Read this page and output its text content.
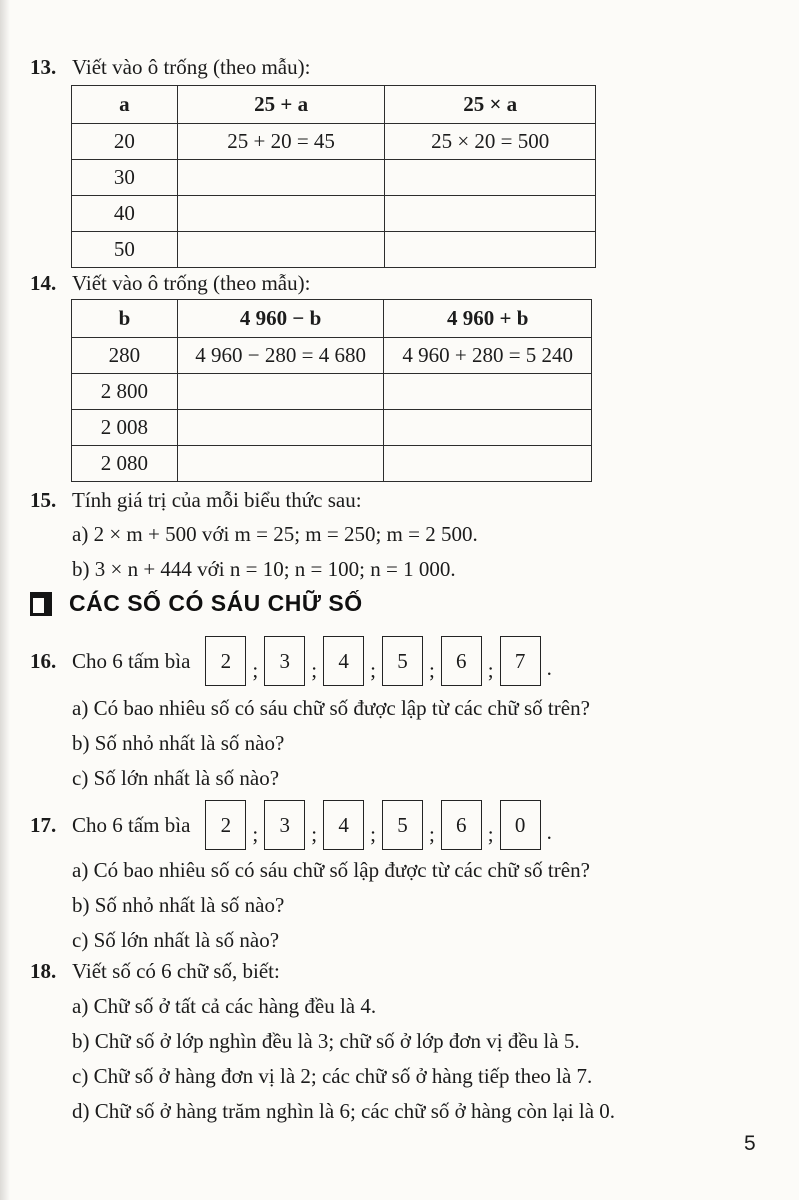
13. Viết vào ô trống (theo mẫu):
a	25 + a	25 × a
20	25 + 20 = 45	25 × 20 = 500
30		
40		
50		
14. Viết vào ô trống (theo mẫu):
b	4 960 − b	4 960 + b
280	4 960 − 280 = 4 680	4 960 + 280 = 5 240
2 800		
2 008		
2 080		
15. Tính giá trị của mỗi biểu thức sau:
a) 2 × m + 500 với m = 25; m = 250; m = 2 500.
b) 3 × n + 444 với n = 10; n = 100; n = 1 000.
CÁC SỐ CÓ SÁU CHỮ SỐ
16. Cho 6 tấm bìa	2	;	3	;	4	;	5	;	6	;	7	.
a) Có bao nhiêu số có sáu chữ số được lập từ các chữ số trên?
b) Số nhỏ nhất là số nào?
c) Số lớn nhất là số nào?
17. Cho 6 tấm bìa	2	;	3	;	4	;	5	;	6	;	0	.
a) Có bao nhiêu số có sáu chữ số lập được từ các chữ số trên?
b) Số nhỏ nhất là số nào?
c) Số lớn nhất là số nào?
18. Viết số có 6 chữ số, biết:
a) Chữ số ở tất cả các hàng đều là 4.
b) Chữ số ở lớp nghìn đều là 3; chữ số ở lớp đơn vị đều là 5.
c) Chữ số ở hàng đơn vị là 2; các chữ số ở hàng tiếp theo là 7.
d) Chữ số ở hàng trăm nghìn là 6; các chữ số ở hàng còn lại là 0.
5
